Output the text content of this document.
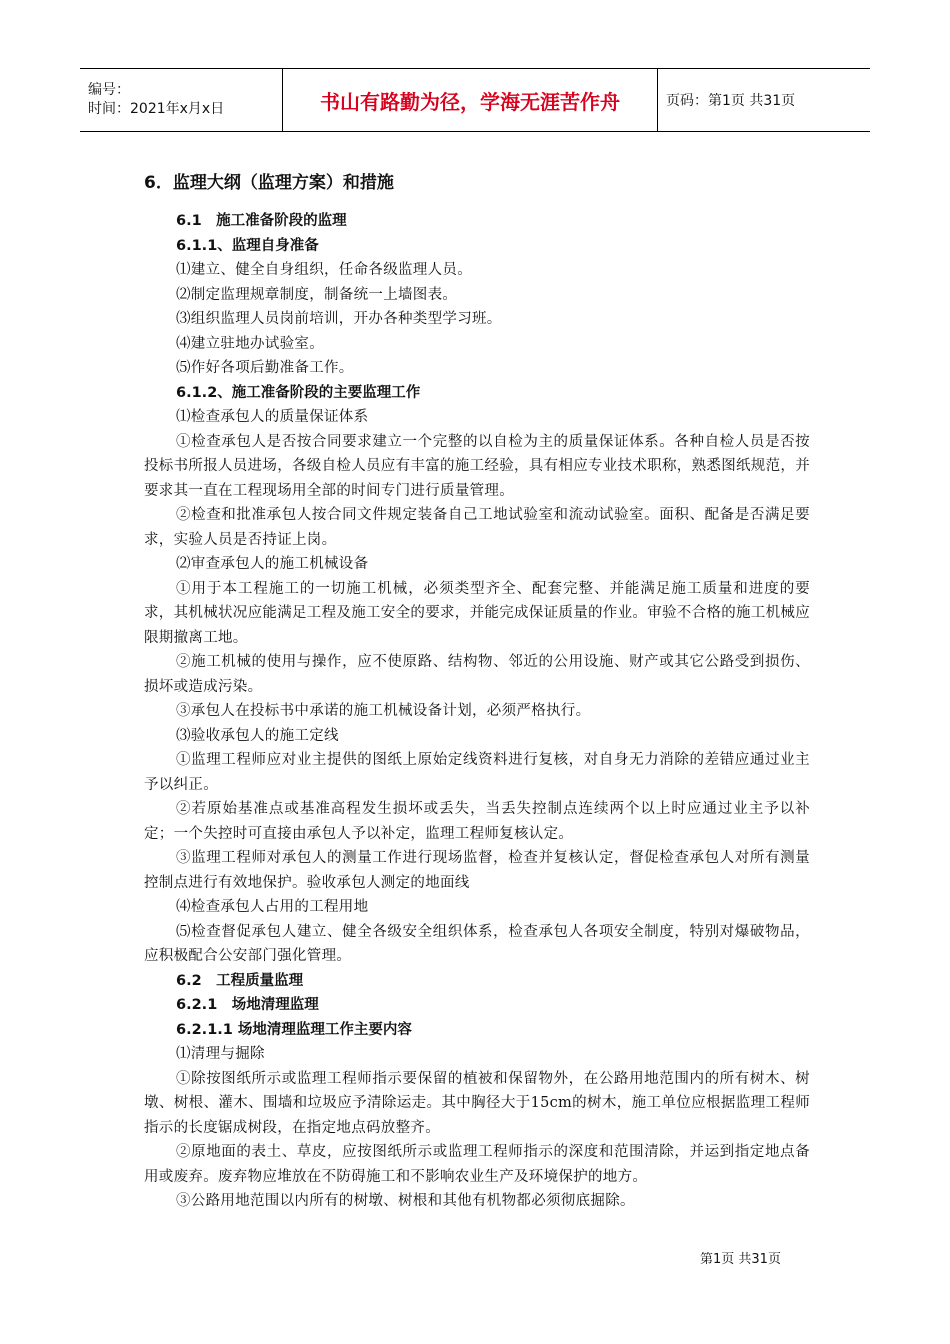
编号：
时间：2021年x月x日	书山有路勤为径，学海无涯苦作舟	页码：第1页 共31页
6．监理大纲（监理方案）和措施
6.1　施工准备阶段的监理
6.1.1、监理自身准备
⑴建立、健全自身组织，任命各级监理人员。
⑵制定监理规章制度，制备统一上墙图表。
⑶组织监理人员岗前培训，开办各种类型学习班。
⑷建立驻地办试验室。
⑸作好各项后勤准备工作。
6.1.2、施工准备阶段的主要监理工作
⑴检查承包人的质量保证体系
①检查承包人是否按合同要求建立一个完整的以自检为主的质量保证体系。各种自检人员是否按投标书所报人员进场，各级自检人员应有丰富的施工经验，具有相应专业技术职称，熟悉图纸规范，并要求其一直在工程现场用全部的时间专门进行质量管理。
②检查和批准承包人按合同文件规定装备自己工地试验室和流动试验室。面积、配备是否满足要求，实验人员是否持证上岗。
⑵审查承包人的施工机械设备
①用于本工程施工的一切施工机械，必须类型齐全、配套完整、并能满足施工质量和进度的要求，其机械状况应能满足工程及施工安全的要求，并能完成保证质量的作业。审验不合格的施工机械应限期撤离工地。
②施工机械的使用与操作，应不使原路、结构物、邻近的公用设施、财产或其它公路受到损伤、损坏或造成污染。
③承包人在投标书中承诺的施工机械设备计划，必须严格执行。
⑶验收承包人的施工定线
①监理工程师应对业主提供的图纸上原始定线资料进行复核，对自身无力消除的差错应通过业主予以纠正。
②若原始基准点或基准高程发生损坏或丢失，当丢失控制点连续两个以上时应通过业主予以补定；一个失控时可直接由承包人予以补定，监理工程师复核认定。
③监理工程师对承包人的测量工作进行现场监督，检查并复核认定，督促检查承包人对所有测量控制点进行有效地保护。验收承包人测定的地面线
⑷检查承包人占用的工程用地
⑸检查督促承包人建立、健全各级安全组织体系，检查承包人各项安全制度，特别对爆破物品，应积极配合公安部门强化管理。
6.2　工程质量监理
6.2.1　场地清理监理
6.2.1.1 场地清理监理工作主要内容
⑴清理与掘除
①除按图纸所示或监理工程师指示要保留的植被和保留物外，在公路用地范围内的所有树木、树墩、树根、灌木、围墙和垃圾应予清除运走。其中胸径大于15cm的树木，施工单位应根据监理工程师指示的长度锯成树段，在指定地点码放整齐。
②原地面的表土、草皮，应按图纸所示或监理工程师指示的深度和范围清除，并运到指定地点备用或废弃。废弃物应堆放在不防碍施工和不影响农业生产及环境保护的地方。
③公路用地范围以内所有的树墩、树根和其他有机物都必须彻底掘除。
第1页 共31页
